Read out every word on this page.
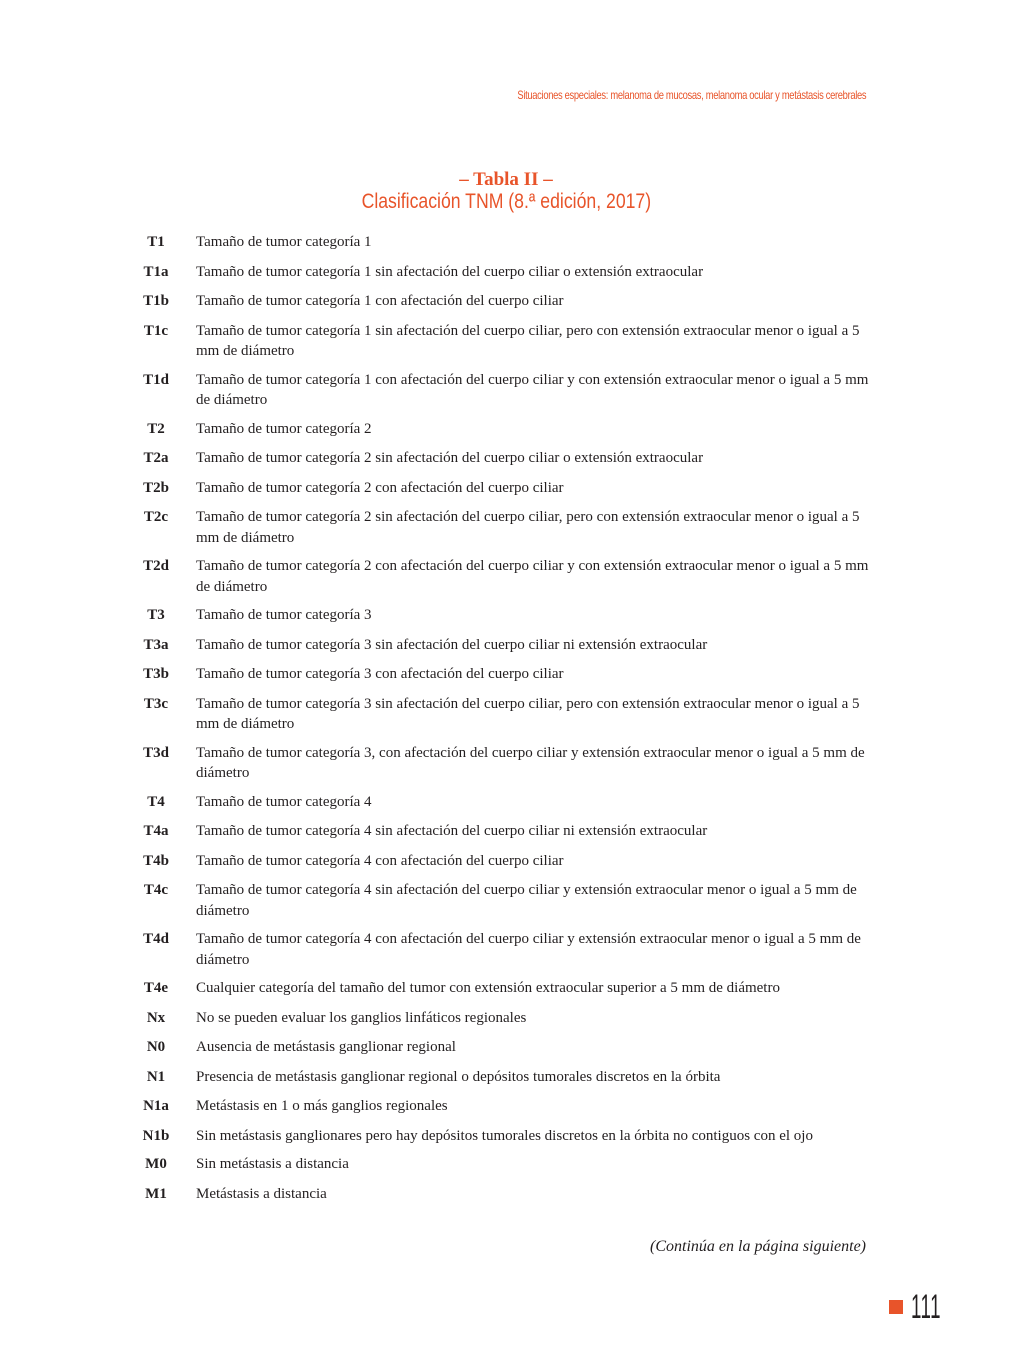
Situaciones especiales: melanoma de mucosas, melanoma ocular y metástasis cerebrales
– Tabla II –
Clasificación TNM (8.ª edición, 2017)
T1	Tamaño de tumor categoría 1
T1a	Tamaño de tumor categoría 1 sin afectación del cuerpo ciliar o extensión extraocular
T1b	Tamaño de tumor categoría 1 con afectación del cuerpo ciliar
T1c	Tamaño de tumor categoría 1 sin afectación del cuerpo ciliar, pero con extensión extraocular menor o igual a 5 mm de diámetro
T1d	Tamaño de tumor categoría 1 con afectación del cuerpo ciliar y con extensión extraocular menor o igual a 5 mm de diámetro
T2	Tamaño de tumor categoría 2
T2a	Tamaño de tumor categoría 2 sin afectación del cuerpo ciliar o extensión extraocular
T2b	Tamaño de tumor categoría 2 con afectación del cuerpo ciliar
T2c	Tamaño de tumor categoría 2 sin afectación del cuerpo ciliar, pero con extensión extraocular menor o igual a 5 mm de diámetro
T2d	Tamaño de tumor categoría 2 con afectación del cuerpo ciliar y con extensión extraocular menor o igual a 5 mm de diámetro
T3	Tamaño de tumor categoría 3
T3a	Tamaño de tumor categoría 3 sin afectación del cuerpo ciliar ni extensión extraocular
T3b	Tamaño de tumor categoría 3 con afectación del cuerpo ciliar
T3c	Tamaño de tumor categoría 3 sin afectación del cuerpo ciliar, pero con extensión extraocular menor o igual a 5 mm de diámetro
T3d	Tamaño de tumor categoría 3, con afectación del cuerpo ciliar y extensión extraocular menor o igual a 5 mm de diámetro
T4	Tamaño de tumor categoría 4
T4a	Tamaño de tumor categoría 4 sin afectación del cuerpo ciliar ni extensión extraocular
T4b	Tamaño de tumor categoría 4 con afectación del cuerpo ciliar
T4c	Tamaño de tumor categoría 4 sin afectación del cuerpo ciliar y extensión extraocular menor o igual a 5 mm de diámetro
T4d	Tamaño de tumor categoría 4 con afectación del cuerpo ciliar y extensión extraocular menor o igual a 5 mm de diámetro
T4e	Cualquier categoría del tamaño del tumor con extensión extraocular superior a 5 mm de diámetro
Nx	No se pueden evaluar los ganglios linfáticos regionales
N0	Ausencia de metástasis ganglionar regional
N1	Presencia de metástasis ganglionar regional o depósitos tumorales discretos en la órbita
N1a	Metástasis en 1 o más ganglios regionales
N1b	Sin metástasis ganglionares pero hay depósitos tumorales discretos en la órbita no contiguos con el ojo
M0	Sin metástasis a distancia
M1	Metástasis a distancia
(Continúa en la página siguiente)
111
